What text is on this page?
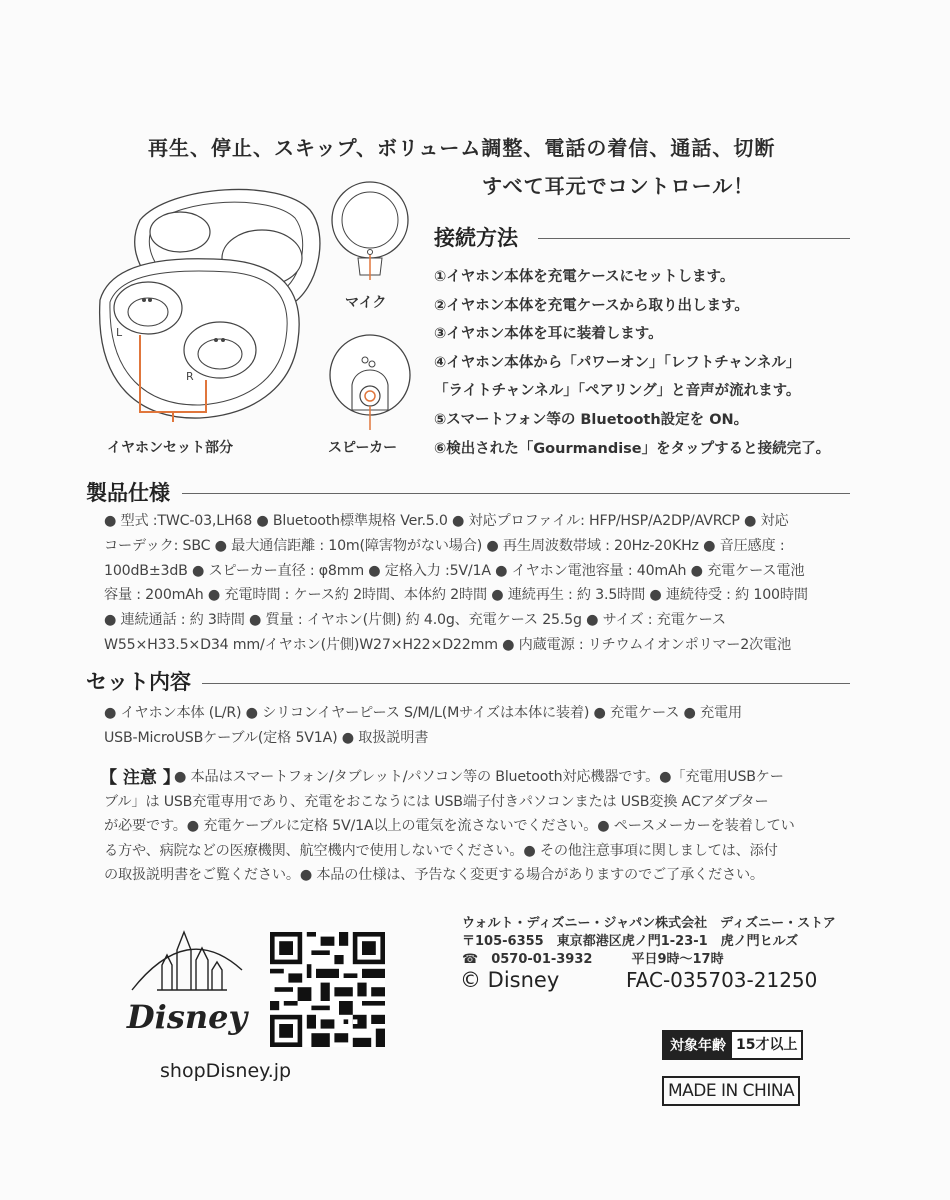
再生、停止、スキップ、ボリューム調整、電話の着信、通話、切断
すべて耳元でコントロール！
L
R
イヤホンセット部分
マイク
スピーカー
接続方法
①イヤホン本体を充電ケースにセットします。
②イヤホン本体を充電ケースから取り出します。
③イヤホン本体を耳に装着します。
④イヤホン本体から「パワーオン」「レフトチャンネル」
「ライトチャンネル」「ペアリング」と音声が流れます。
⑤スマートフォン等の Bluetooth設定を ON。
⑥検出された「Gourmandise」をタップすると接続完了。
製品仕様
● 型式 :TWC-03,LH68 ● Bluetooth標準規格 Ver.5.0 ● 対応プロファイル: HFP/HSP/A2DP/AVRCP ● 対応
コーデック: SBC ● 最大通信距離 : 10m(障害物がない場合) ● 再生周波数帯域 : 20Hz-20KHz ● 音圧感度 :
100dB±3dB ● スピーカー直径 : φ8mm ● 定格入力 :5V/1A ● イヤホン電池容量 : 40mAh ● 充電ケース電池
容量 : 200mAh ● 充電時間 : ケース約 2時間、本体約 2時間 ● 連続再生 : 約 3.5時間 ● 連続待受 : 約 100時間
● 連続通話 : 約 3時間 ● 質量 : イヤホン(片側) 約 4.0g、充電ケース 25.5g ● サイズ : 充電ケース
W55×H33.5×D34 mm/イヤホン(片側)W27×H22×D22mm ● 内蔵電源 : リチウムイオンポリマー2次電池
セット内容
● イヤホン本体 (L/R) ● シリコンイヤーピース S/M/L(Mサイズは本体に装着) ● 充電ケース ● 充電用
USB-MicroUSBケーブル(定格 5V1A) ● 取扱説明書
【 注意 】
● 本品はスマートフォン/タブレット/パソコン等の Bluetooth対応機器です。●「充電用USBケー
ブル」は USB充電専用であり、充電をおこなうには USB端子付きパソコンまたは USB変換 ACアダプター
が必要です。● 充電ケーブルに定格 5V/1A以上の電気を流さないでください。● ペースメーカーを装着してい
る方や、病院などの医療機関、航空機内で使用しないでください。● その他注意事項に関しましては、添付
の取扱説明書をご覧ください。● 本品の仕様は、予告なく変更する場合がありますのでご了承ください。
Disney
shopDisney.jp
ウォルト・ディズニー・ジャパン株式会社　ディズニー・ストア
〒105-6355　東京都港区虎ノ門1-23-1　虎ノ門ヒルズ
☎　0570-01-3932　　　平日9時～17時
© Disney	FAC-035703-21250
対象年齢 15才以上
MADE IN CHINA
